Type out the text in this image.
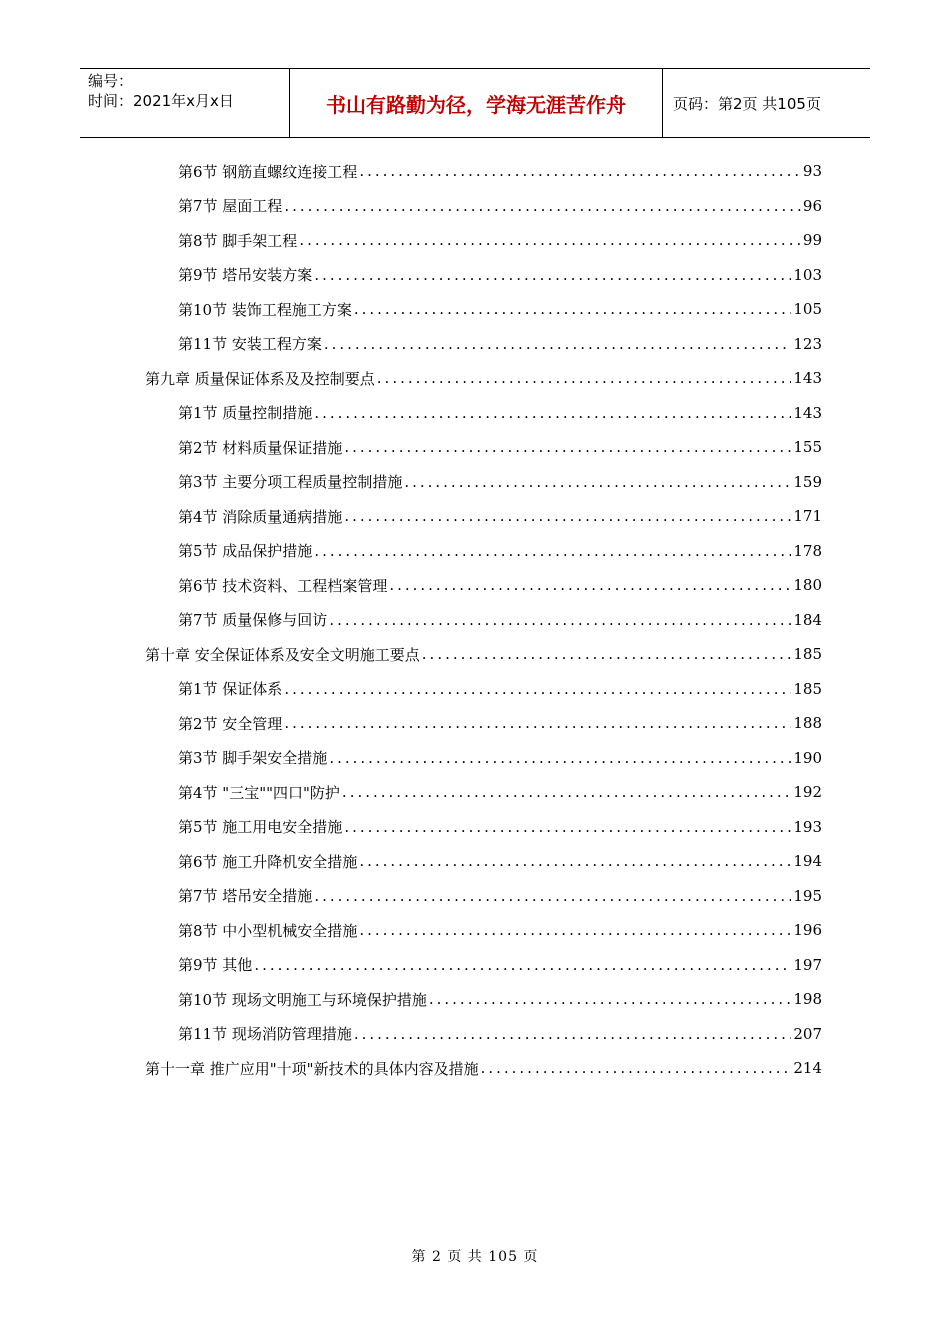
编号：
时间：2021年x月x日	书山有路勤为径，学海无涯苦作舟	页码：第2页 共105页
第6节 钢筋直螺纹连接工程 .....	93
第7节 屋面工程 .....	96
第8节 脚手架工程 .....	99
第9节 塔吊安装方案 .....	103
第10节 装饰工程施工方案 .....	105
第11节 安装工程方案 .....	123
第九章 质量保证体系及及控制要点 .....	143
第1节 质量控制措施 .....	143
第2节 材料质量保证措施 .....	155
第3节 主要分项工程质量控制措施 .....	159
第4节 消除质量通病措施 .....	171
第5节 成品保护措施 .....	178
第6节 技术资料、工程档案管理 .....	180
第7节 质量保修与回访 .....	184
第十章 安全保证体系及安全文明施工要点 .....	185
第1节 保证体系 .....	185
第2节 安全管理 .....	188
第3节 脚手架安全措施 .....	190
第4节 "三宝""四口"防护 .....	192
第5节 施工用电安全措施 .....	193
第6节 施工升降机安全措施 .....	194
第7节 塔吊安全措施 .....	195
第8节 中小型机械安全措施 .....	196
第9节 其他 .....	197
第10节 现场文明施工与环境保护措施 .....	198
第11节 现场消防管理措施 .....	207
第十一章 推广应用"十项"新技术的具体内容及措施 .....	214
第 2 页 共 105 页
